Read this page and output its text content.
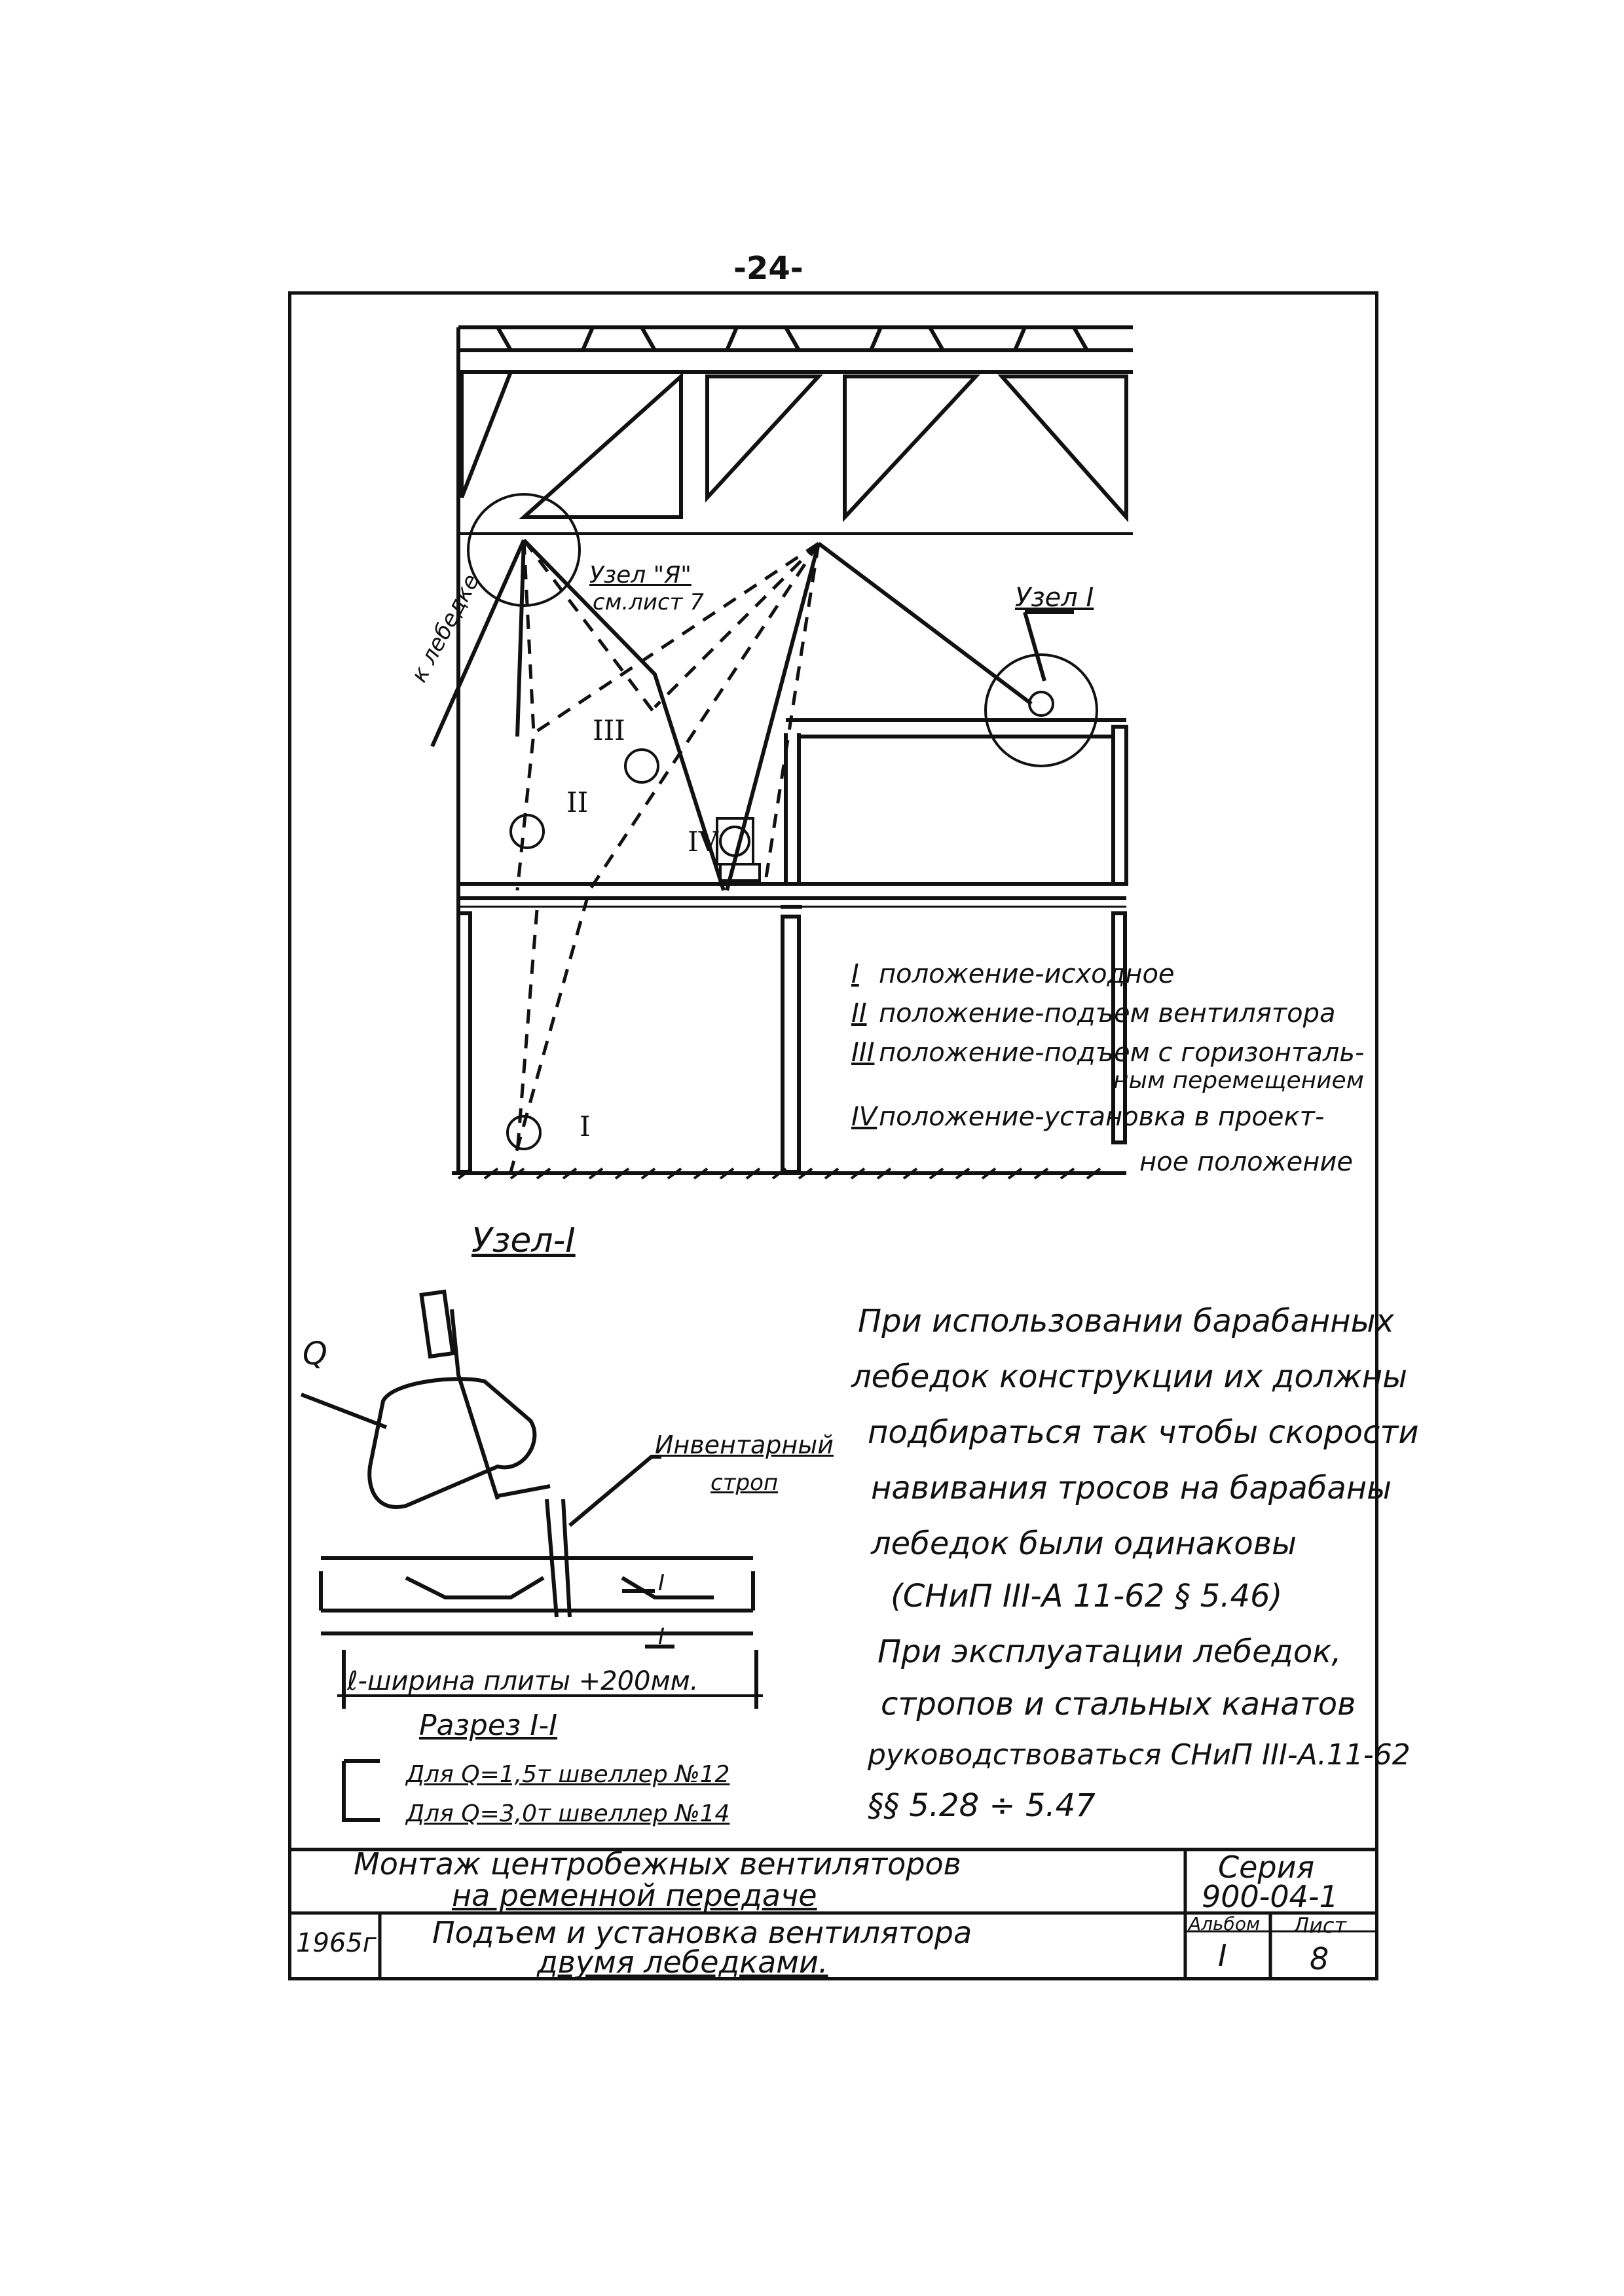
-24-
I
II
III
IV
Узел "Я"
см.лист 7	Узел I
к лебедке
I положение-исходное
II положение-подъем вентилятора
III положение-подъем с горизонталь-
ным перемещением
IVположение-установка в проект-
ное положение
Узел-I
Q
Инвентарный
строп
I
I
ℓ-ширина плиты +200мм.
Разрез I-I
Для Q=1,5т швеллер №12
Для Q=3,0т швеллер №14
При использовании барабанных
лебедок конструкции их должны
подбираться так чтобы скорости
навивания тросов на барабаны
лебедок были одинаковы
(СНиП III-А 11-62 § 5.46)
При эксплуатации лебедок,
стропов и стальных канатов
руководствоваться СНиП III-А.11-62
§§ 5.28 ÷ 5.47
Монтаж центробежных вентиляторов
на ременной передаче
Серия
900-04-1
1965г. Подъем и установка вентилятора
двумя лебедками.
Альбом
I
Лист
8
